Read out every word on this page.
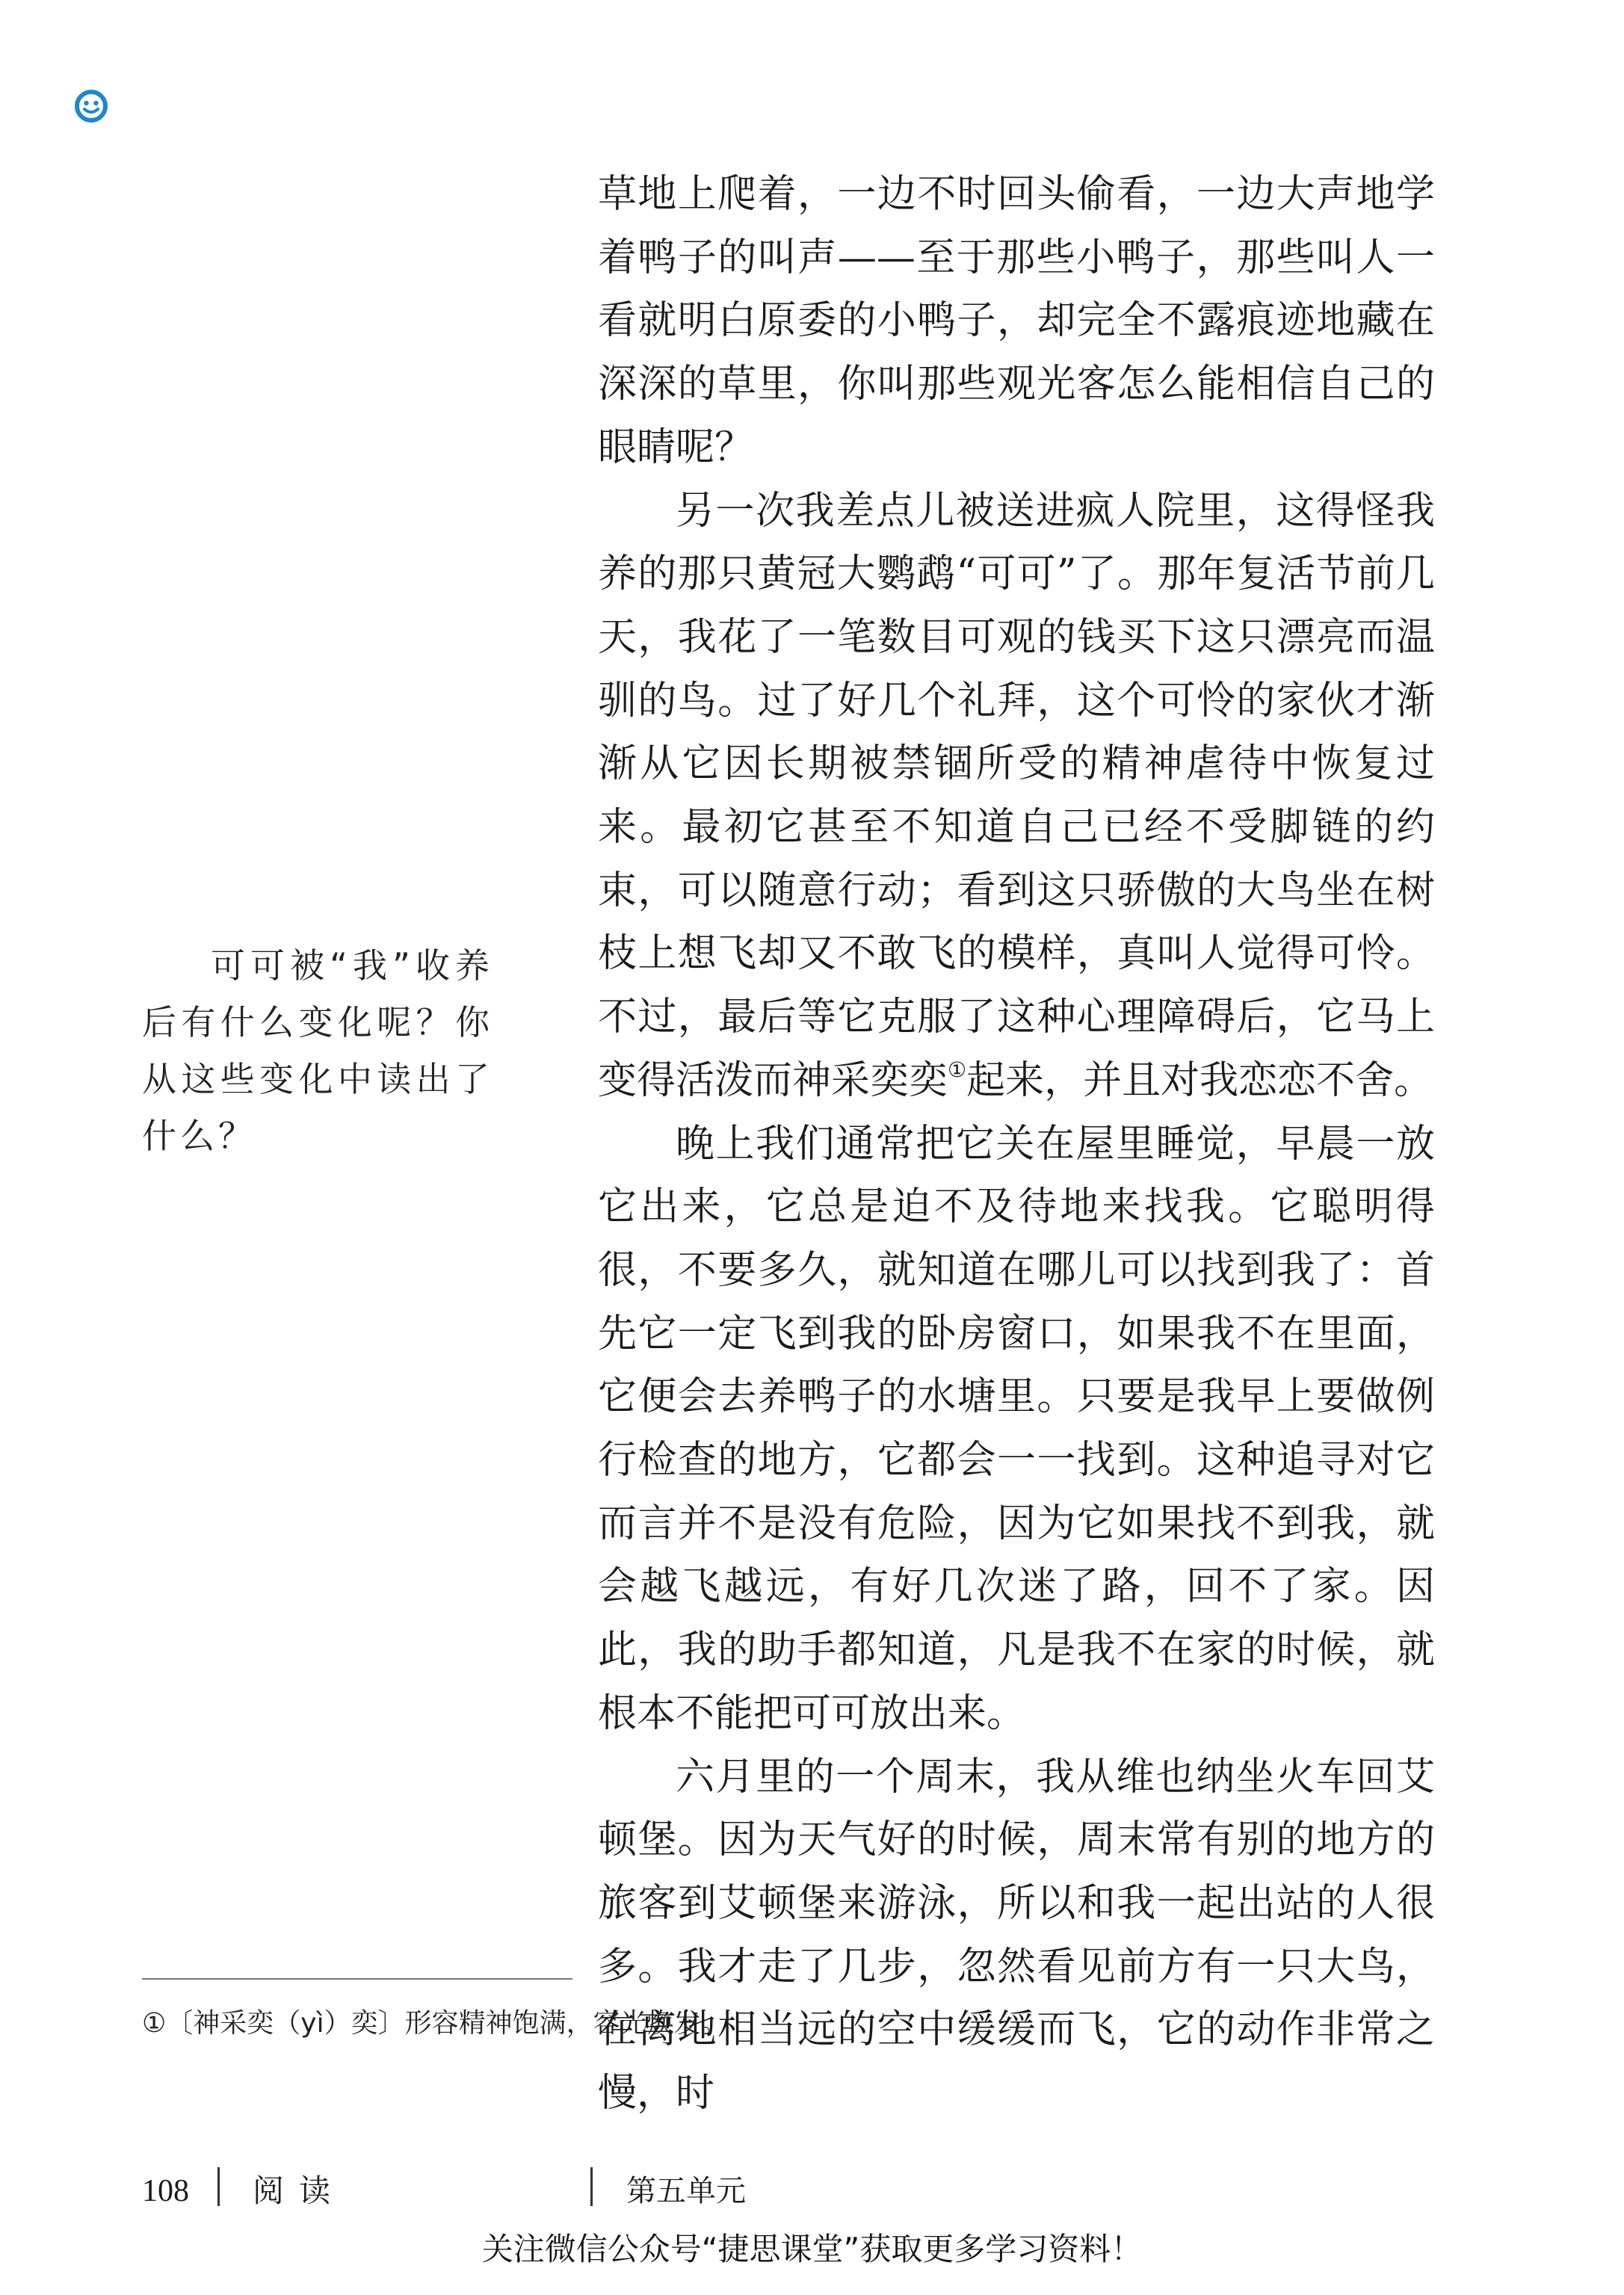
草地上爬着，一边不时回头偷看，一边大声地学着鸭子的叫声——至于那些小鸭子，那些叫人一看就明白原委的小鸭子，却完全不露痕迹地藏在深深的草里，你叫那些观光客怎么能相信自己的眼睛呢？

另一次我差点儿被送进疯人院里，这得怪我养的那只黄冠大鹦鹉“可可”了。那年复活节前几天，我花了一笔数目可观的钱买下这只漂亮而温驯的鸟。过了好几个礼拜，这个可怜的家伙才渐渐从它因长期被禁锢所受的精神虐待中恢复过来。最初它甚至不知道自己已经不受脚链的约束，可以随意行动；看到这只骄傲的大鸟坐在树枝上想飞却又不敢飞的模样，真叫人觉得可怜。不过，最后等它克服了这种心理障碍后，它马上变得活泼而神采奕奕①起来，并且对我恋恋不舍。

晚上我们通常把它关在屋里睡觉，早晨一放它出来，它总是迫不及待地来找我。它聪明得很，不要多久，就知道在哪儿可以找到我了：首先它一定飞到我的卧房窗口，如果我不在里面，它便会去养鸭子的水塘里。只要是我早上要做例行检查的地方，它都会一一找到。这种追寻对它而言并不是没有危险，因为它如果找不到我，就会越飞越远，有好几次迷了路，回不了家。因此，我的助手都知道，凡是我不在家的时候，就根本不能把可可放出来。

六月里的一个周末，我从维也纳坐火车回艾顿堡。因为天气好的时候，周末常有别的地方的旅客到艾顿堡来游泳，所以和我一起出站的人很多。我才走了几步，忽然看见前方有一只大鸟，在离地相当远的空中缓缓而飞，它的动作非常之慢，时

可可被“我”收养后有什么变化呢？你从这些变化中读出了什么？

①〔神采奕（yì）奕〕形容精神饱满，容光焕发。
108 阅读	第五单元
关注微信公众号“捷思课堂”获取更多学习资料！
